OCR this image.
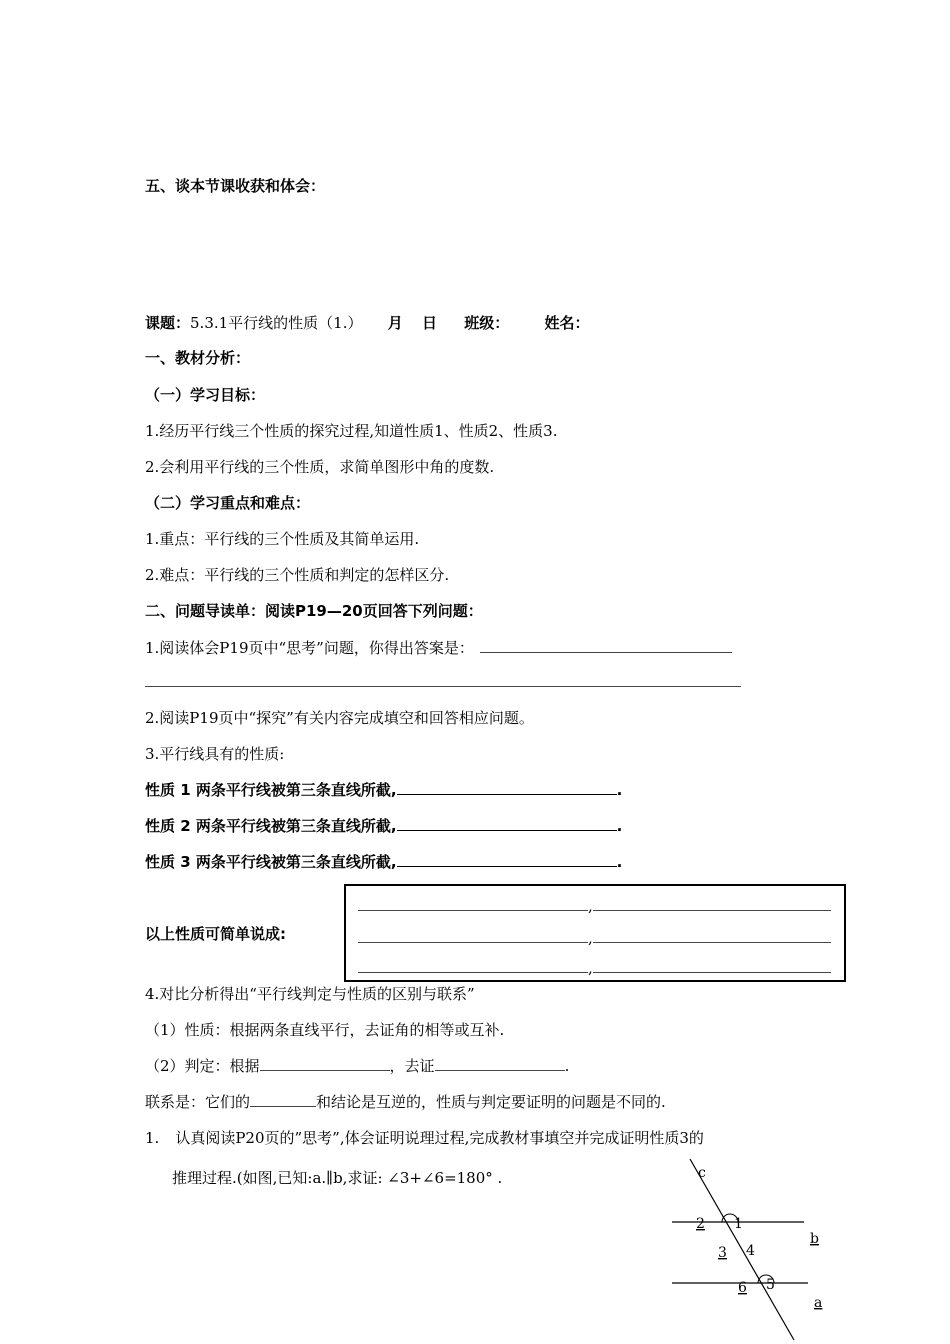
五、谈本节课收获和体会：
课题：5.3.1平行线的性质（1.） 月 日 班级： 姓名：
一、教材分析：
（一）学习目标：
1.经历平行线三个性质的探究过程,知道性质1、性质2、性质3.
2.会利用平行线的三个性质，求简单图形中角的度数.
（二）学习重点和难点：
1.重点：平行线的三个性质及其简单运用.
2.难点：平行线的三个性质和判定的怎样区分.
二、问题导读单：阅读P19—20页回答下列问题：
1.阅读体会P19页中“思考”问题，你得出答案是：
2.阅读P19页中“探究”有关内容完成填空和回答相应问题。
3.平行线具有的性质:
性质 1 两条平行线被第三条直线所截,	.
性质 2 两条平行线被第三条直线所截,	.
性质 3 两条平行线被第三条直线所截,	.
以上性质可简单说成:
,
,
,
4.对比分析得出“平行线判定与性质的区别与联系”
（1）性质：根据两条直线平行，去证角的相等或互补.
（2）判定：根据	，去证	.
联系是：它们的	和结论是互逆的，性质与判定要证明的问题是不同的.
1. 认真阅读P20页的”思考”,体会证明说理过程,完成教材事填空并完成证明性质3的
推理过程.(如图,已知:a.∥b,求证: ∠3+∠6=180° .	c
b
a
2 1
3 4
6 5
